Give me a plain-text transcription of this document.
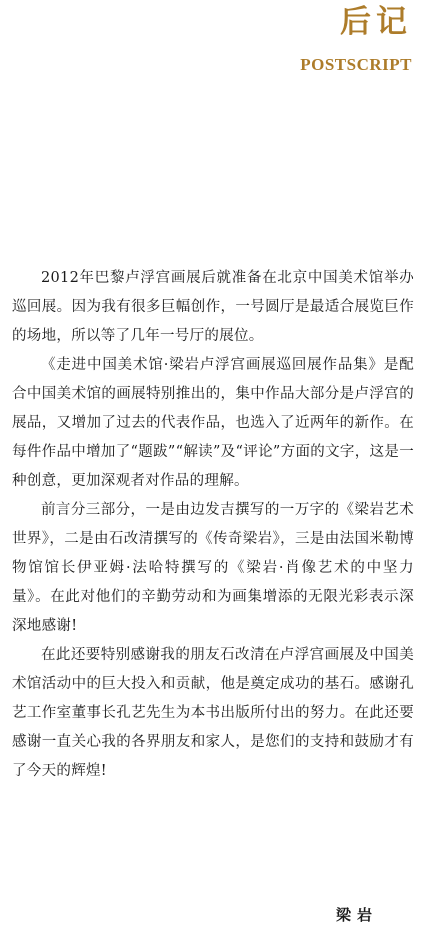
后记
POSTSCRIPT

2012年巴黎卢浮宫画展后就准备在北京中国美术馆举办巡回展。因为我有很多巨幅创作，一号圆厅是最适合展览巨作的场地，所以等了几年一号厅的展位。

《走进中国美术馆·梁岩卢浮宫画展巡回展作品集》是配合中国美术馆的画展特别推出的，集中作品大部分是卢浮宫的展品，又增加了过去的代表作品，也选入了近两年的新作。在每件作品中增加了“题跋”“解读”及“评论”方面的文字，这是一种创意，更加深观者对作品的理解。

前言分三部分，一是由边发吉撰写的一万字的《梁岩艺术世界》，二是由石改清撰写的《传奇梁岩》，三是由法国米勒博物馆馆长伊亚姆·法哈特撰写的《梁岩·肖像艺术的中坚力量》。在此对他们的辛勤劳动和为画集增添的无限光彩表示深深地感谢!

在此还要特别感谢我的朋友石改清在卢浮宫画展及中国美术馆活动中的巨大投入和贡献，他是奠定成功的基石。感谢孔艺工作室董事长孔艺先生为本书出版所付出的努力。在此还要感谢一直关心我的各界朋友和家人，是您们的支持和鼓励才有了今天的辉煌!

梁岩
